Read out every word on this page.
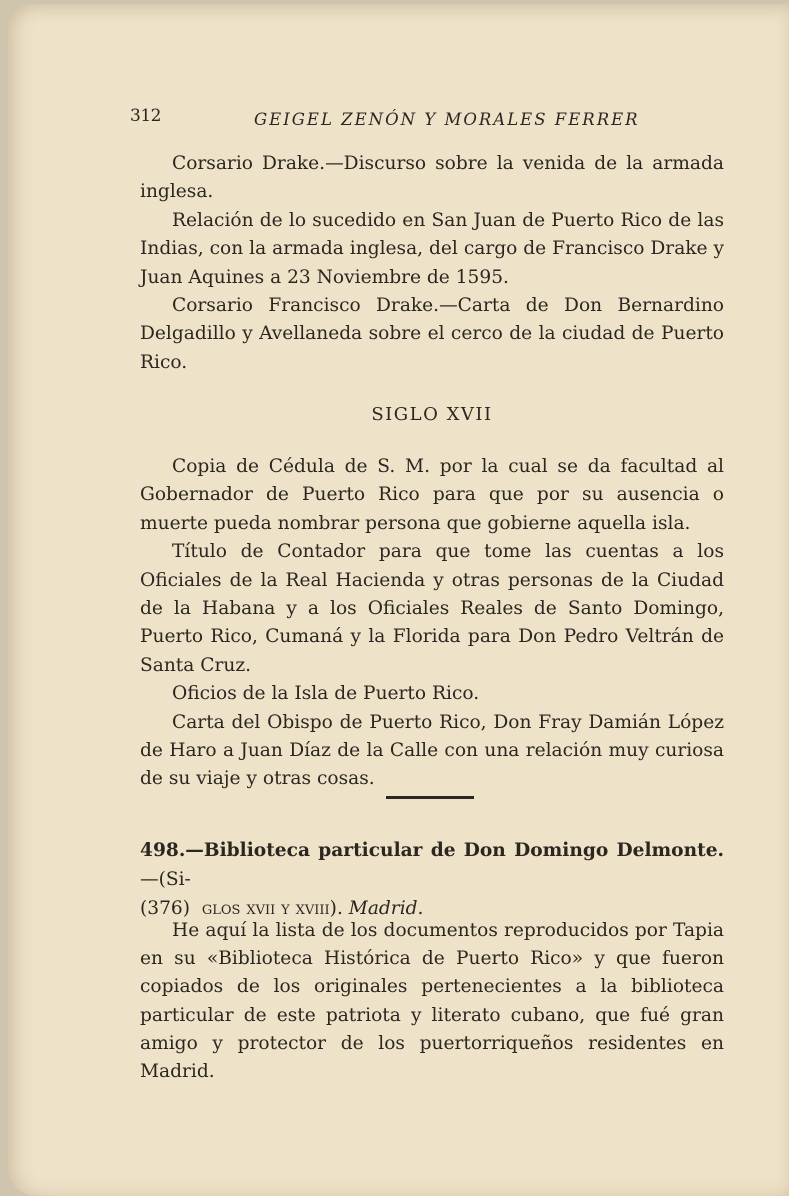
312	GEIGEL ZENÓN Y MORALES FERRER

Corsario Drake.—Discurso sobre la venida de la armada inglesa.

Relación de lo sucedido en San Juan de Puerto Rico de las Indias, con la armada inglesa, del cargo de Francisco Drake y Juan Aquines a 23 Noviembre de 1595.

Corsario Francisco Drake.—Carta de Don Bernardino Delgadillo y Avellaneda sobre el cerco de la ciudad de Puerto Rico.

SIGLO XVII

Copia de Cédula de S. M. por la cual se da facultad al Gobernador de Puerto Rico para que por su ausencia o muerte pueda nombrar persona que gobierne aquella isla.

Título de Contador para que tome las cuentas a los Oficiales de la Real Hacienda y otras personas de la Ciudad de la Habana y a los Oficiales Reales de Santo Domingo, Puerto Rico, Cumaná y la Florida para Don Pedro Veltrán de Santa Cruz.

Oficios de la Isla de Puerto Rico.

Carta del Obispo de Puerto Rico, Don Fray Damián López de Haro a Juan Díaz de la Calle con una relación muy curiosa de su viaje y otras cosas.

498.—Biblioteca particular de Don Domingo Delmonte.—(Si-
(376) glos xvii y xviii). Madrid.

He aquí la lista de los documentos reproducidos por Tapia en su «Biblioteca Histórica de Puerto Rico» y que fueron copiados de los originales pertenecientes a la biblioteca particular de este patriota y literato cubano, que fué gran amigo y protector de los puertorriqueños residentes en Madrid.
